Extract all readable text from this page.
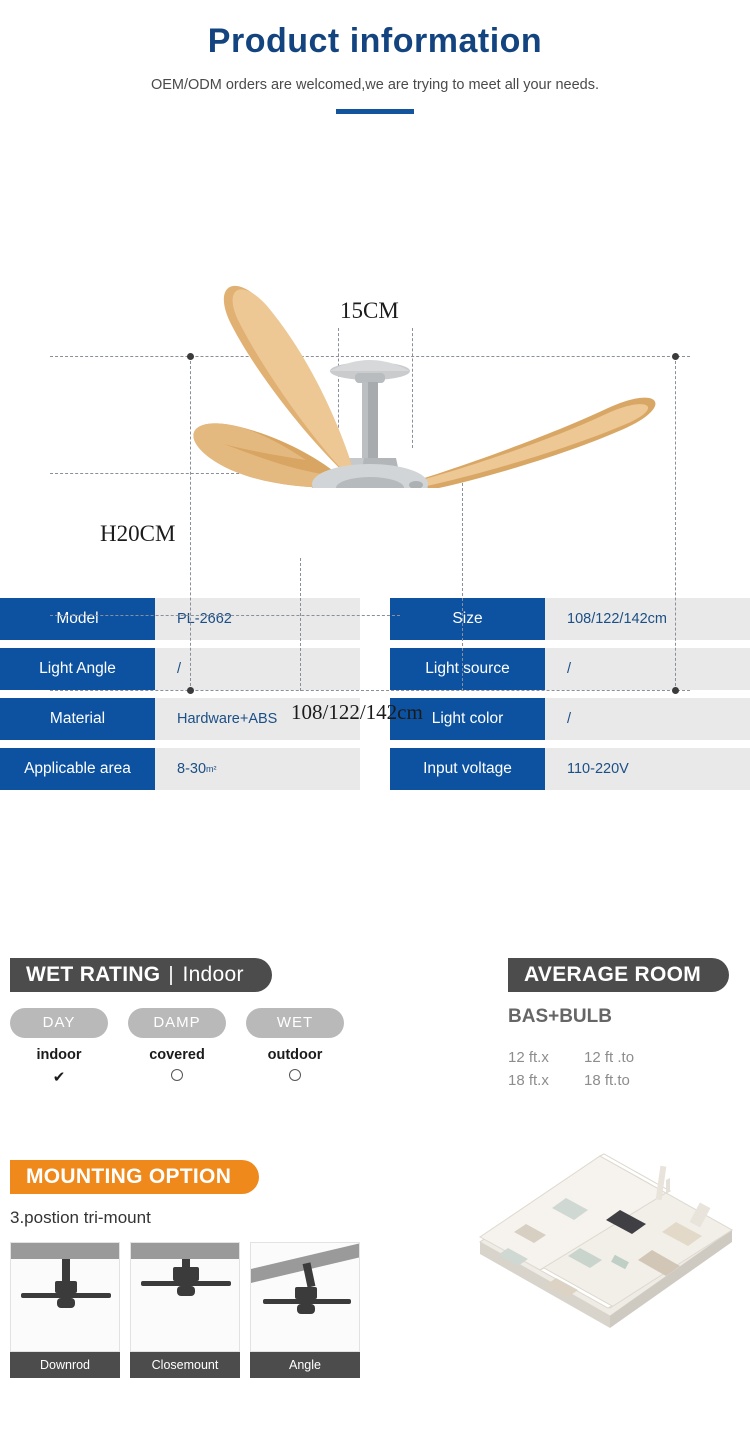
Product information
OEM/ODM orders are welcomed,we are trying to meet all your needs.
15CM
H20CM
108/122/142cm
Model	PL-2662
Light Angle	/
Material	Hardware+ABS
Applicable area	8-30 m²
Size	108/122/142cm
Light source	/
Light color	/
Input voltage	110-220V
WET RATING Indoor
DAY
indoor
✔
DAMP
covered
WET
outdoor
AVERAGE ROOM
BAS+BULB
12 ft.x	12 ft .to
18 ft.x	18 ft.to
MOUNTING OPTION
3.postion tri-mount
Downrod	Closemount	Angle
